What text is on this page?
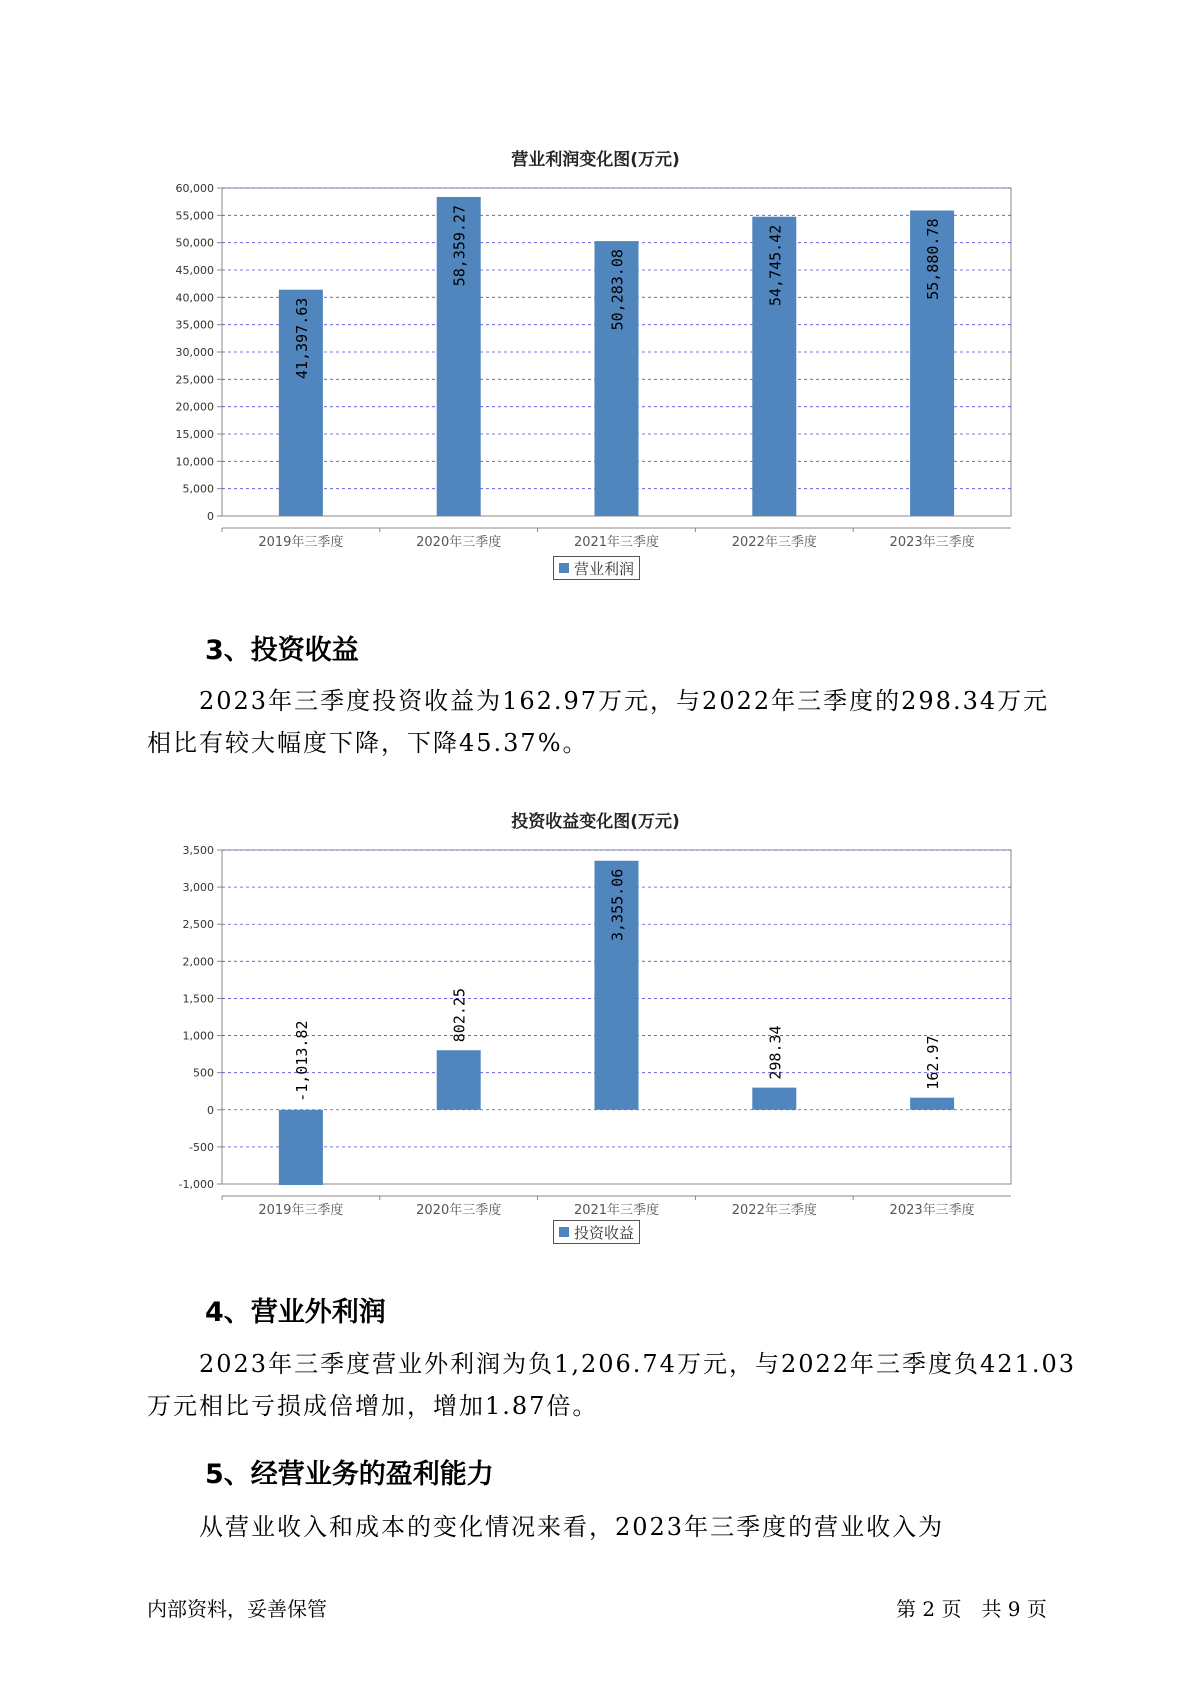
营业利润变化图(万元)
0
5,000
10,000
15,000
20,000
25,000
30,000
35,000
40,000
45,000
50,000
55,000
60,000
2019年三季度
41,397.63
2020年三季度
58,359.27
2021年三季度
50,283.08
2022年三季度
54,745.42
2023年三季度
55,880.78
营业利润
3、投资收益
2023年三季度投资收益为162.97万元，与2022年三季度的298.34万元
相比有较大幅度下降，下降45.37%。
投资收益变化图(万元)
-1,000
-500
0
500
1,000
1,500
2,000
2,500
3,000
3,500
2019年三季度
-1,013.82
2020年三季度
802.25
2021年三季度
3,355.06
2022年三季度
298.34
2023年三季度
162.97
投资收益
4、营业外利润
2023年三季度营业外利润为负1,206.74万元，与2022年三季度负421.03
万元相比亏损成倍增加，增加1.87倍。
5、经营业务的盈利能力
从营业收入和成本的变化情况来看，2023年三季度的营业收入为
内部资料，妥善保管	第 2 页　共 9 页
